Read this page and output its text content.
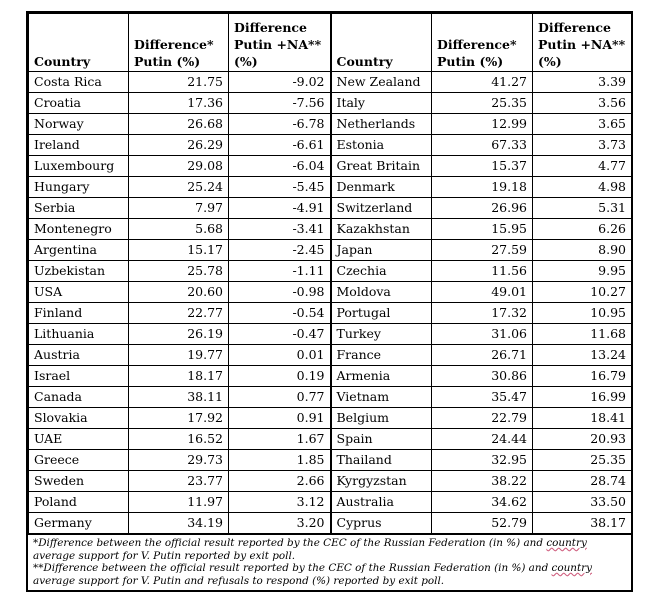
Country	Difference* Putin (%)	Difference Putin +NA** (%)	Country	Difference* Putin (%)	Difference Putin +NA** (%)
Costa Rica	21.75	-9.02	New Zealand	41.27	3.39
Croatia	17.36	-7.56	Italy	25.35	3.56
Norway	26.68	-6.78	Netherlands	12.99	3.65
Ireland	26.29	-6.61	Estonia	67.33	3.73
Luxembourg	29.08	-6.04	Great Britain	15.37	4.77
Hungary	25.24	-5.45	Denmark	19.18	4.98
Serbia	7.97	-4.91	Switzerland	26.96	5.31
Montenegro	5.68	-3.41	Kazakhstan	15.95	6.26
Argentina	15.17	-2.45	Japan	27.59	8.90
Uzbekistan	25.78	-1.11	Czechia	11.56	9.95
USA	20.60	-0.98	Moldova	49.01	10.27
Finland	22.77	-0.54	Portugal	17.32	10.95
Lithuania	26.19	-0.47	Turkey	31.06	11.68
Austria	19.77	0.01	France	26.71	13.24
Israel	18.17	0.19	Armenia	30.86	16.79
Canada	38.11	0.77	Vietnam	35.47	16.99
Slovakia	17.92	0.91	Belgium	22.79	18.41
UAE	16.52	1.67	Spain	24.44	20.93
Greece	29.73	1.85	Thailand	32.95	25.35
Sweden	23.77	2.66	Kyrgyzstan	38.22	28.74
Poland	11.97	3.12	Australia	34.62	33.50
Germany	34.19	3.20	Cyprus	52.79	38.17

*Difference between the official result reported by the CEC of the Russian Federation (in %) and country average support for V. Putin reported by exit poll.

**Difference between the official result reported by the CEC of the Russian Federation (in %) and country average support for V. Putin and refusals to respond (%) reported by exit poll.
